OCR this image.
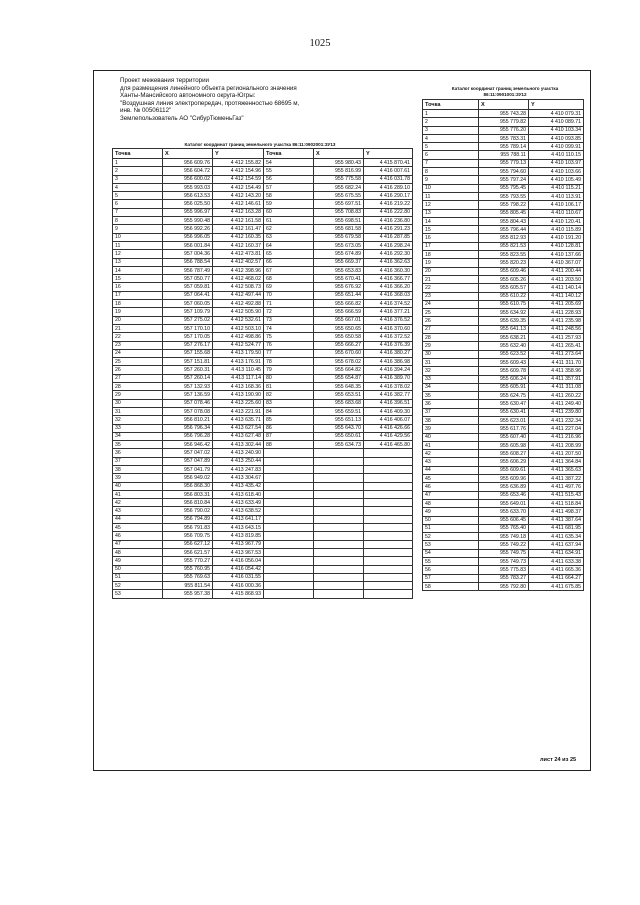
1025
Проект межевания территории
для размещения линейного объекта регионального значения
Ханты-Мансийского автономного округа-Югры:
"Воздушная линия электропередач, протяженностью 68695 м,
инв. № 00506112"
Землепользователь АО "СибурТюменьГаз"
Каталог координат границ земельного участка 86:11:0902001:ЗУ13
Точка	X	Y	Точка	X	Y
1	956 609.76	4 412 155.82	54	955 980.43	4 415 870.41
2	956 604.72	4 412 154.96	55	955 816.99	4 416 007.61
3	956 600.02	4 412 154.59	56	955 775.58	4 416 031.78
4	955 993.03	4 412 154.49	57	955 682.24	4 416 289.10
5	956 613.53	4 412 143.20	58	955 675.55	4 416 290.17
6	956 025.50	4 412 146.61	59	955 697.51	4 416 219.22
7	955 996.97	4 412 163.28	60	955 708.83	4 416 222.80
8	955 990.48	4 412 161.58	61	955 698.51	4 416 236.80
9	956 992.26	4 412 161.47	62	955 681.58	4 416 291.23
10	956 996.05	4 412 160.35	63	955 679.58	4 416 287.85
11	956 001.84	4 412 160.37	64	955 673.05	4 416 298.24
12	957 004.36	4 412 473.81	65	955 674.89	4 416 292.30
13	956 788.54	4 412 402.57	66	955 669.37	4 416 362.63
14	956 787.49	4 412 398.96	67	955 653.83	4 416 360.30
15	957 050.77	4 412 468.02	68	955 670.41	4 416 366.77
16	957 059.81	4 412 508.73	69	955 676.92	4 416 366.20
17	957 064.41	4 412 497.44	70	955 651.44	4 416 368.03
18	957 060.05	4 412 492.88	71	955 666.82	4 416 374.52
19	957 109.79	4 412 505.90	72	955 666.59	4 416 377.21
20	957 275.02	4 412 532.61	73	955 667.01	4 416 376.52
21	957 170.10	4 412 503.10	74	955 650.65	4 416 370.60
22	957 170.05	4 412 498.86	75	955 650.58	4 416 372.52
23	957 276.17	4 412 524.77	76	955 666.27	4 416 376.39
24	957 155.68	4 413 179.50	77	955 670.60	4 416 380.27
25	957 151.81	4 413 176.91	78	955 678.02	4 416 386.98
26	957 260.31	4 413 110.45	79	955 664.82	4 416 394.24
27	957 260.14	4 413 117.14	80	955 654.87	4 416 389.70
28	957 132.93	4 413 168.36	81	955 648.35	4 416 378.02
29	957 136.59	4 413 190.90	82	955 653.51	4 416 382.77
30	957 078.46	4 413 225.60	83	955 683.68	4 416 396.51
31	957 078.08	4 413 221.91	84	955 659.51	4 416 409.30
32	956 810.21	4 413 635.71	85	955 651.13	4 416 406.07
33	956 796.34	4 413 627.54	86	955 643.70	4 416 426.66
34	956 796.28	4 413 627.48	87	955 650.61	4 416 429.56
35	956 946.42	4 413 302.44	88	955 634.73	4 416 465.80
36	957 047.02	4 413 240.90			
37	957 047.89	4 413 250.44			
38	957 041.79	4 413 247.83			
39	956 949.02	4 413 304.67			
40	956 868.30	4 413 435.42			
41	956 803.31	4 413 618.40			
42	956 810.84	4 413 633.49			
43	956 790.02	4 413 638.52			
44	956 794.89	4 413 641.17			
45	956 791.83	4 413 643.15			
46	956 709.75	4 413 819.85			
47	956 627.12	4 413 967.79			
48	956 621.57	4 413 967.53			
49	955 770.27	4 416 056.04			
50	955 760.95	4 416 054.42			
51	955 769.63	4 416 031.55			
52	955 811.54	4 416 000.36			
53	955 957.38	4 415 868.93			
Каталог координат границ земельного участка 86:11:0901001:ЗУ12
Точка	X	Y
1	955 743.28	4 410 079.31
2	955 779.82	4 410 089.71
3	955 776.20	4 410 103.34
4	955 783.31	4 410 093.85
5	955 789.14	4 410 099.91
6	955 788.11	4 410 110.15
7	955 779.13	4 410 103.97
8	955 794.60	4 410 103.66
9	955 797.24	4 410 105.49
10	955 795.45	4 410 115.21
11	955 793.55	4 410 113.91
12	955 798.22	4 410 106.17
13	955 805.45	4 410 110.67
14	955 804.43	4 410 120.41
15	955 796.44	4 410 115.89
16	955 812.93	4 410 191.20
17	955 821.53	4 410 128.81
18	955 823.55	4 410 137.66
19	955 820.23	4 410 367.07
20	955 609.46	4 411 200.44
21	955 605.26	4 411 203.50
22	955 605.57	4 411 140.14
23	955 610.22	4 411 140.12
24	955 610.75	4 411 205.69
25	955 634.92	4 411 228.93
26	955 639.35	4 411 235.98
27	955 641.13	4 411 248.56
28	955 638.21	4 411 257.93
29	955 632.40	4 411 265.41
30	955 623.52	4 411 273.64
31	955 609.43	4 411 311.70
32	955 609.78	4 411 358.96
33	955 606.24	4 411 357.91
34	955 605.91	4 411 311.08
35	955 624.75	4 411 260.22
36	955 630.47	4 411 249.40
37	955 630.41	4 411 239.80
38	955 623.01	4 411 232.34
39	955 617.76	4 411 227.04
40	955 607.40	4 411 216.96
41	955 605.98	4 411 208.99
42	955 608.27	4 411 207.50
43	955 606.29	4 411 364.84
44	955 609.61	4 411 365.63
45	955 609.96	4 411 387.22
46	955 636.89	4 411 497.76
47	955 653.46	4 411 515.43
48	955 649.01	4 411 518.84
49	955 633.70	4 411 498.37
50	955 606.45	4 411 387.64
51	955 765.40	4 411 681.95
52	955 749.18	4 411 635.34
53	955 749.22	4 411 637.94
54	955 749.75	4 411 634.91
55	955 749.73	4 411 633.38
56	955 775.83	4 411 665.36
57	955 783.27	4 411 664.27
58	955 792.80	4 411 675.85
лист 24 из 25
